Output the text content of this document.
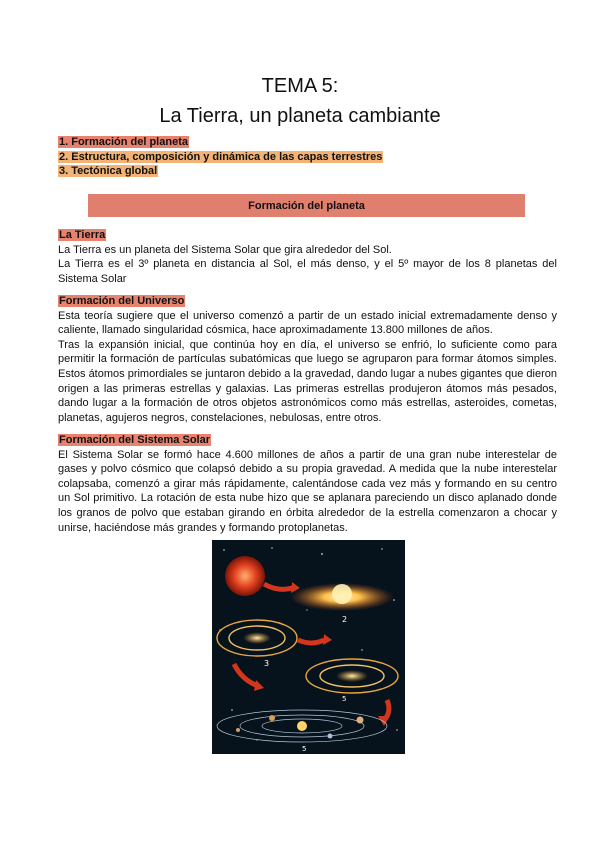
TEMA 5:
La Tierra, un planeta cambiante
1. Formación del planeta
2. Estructura, composición y dinámica de las capas terrestres
3. Tectónica global
Formación del planeta
La Tierra

La Tierra es un planeta del Sistema Solar que gira alrededor del Sol.

La Tierra es el 3º planeta en distancia al Sol, el más denso, y el 5º mayor de los 8 planetas del Sistema Solar

Formación del Universo

Esta teoría sugiere que el universo comenzó a partir de un estado inicial extremadamente denso y caliente, llamado singularidad cósmica, hace aproximadamente 13.800 millones de años.

Tras la expansión inicial, que continúa hoy en día, el universo se enfrió, lo suficiente como para permitir la formación de partículas subatómicas que luego se agruparon para formar átomos simples. Estos átomos primordiales se juntaron debido a la gravedad, dando lugar a nubes gigantes que dieron origen a las primeras estrellas y galaxias. Las primeras estrellas produjeron átomos más pesados, dando lugar a la formación de otros objetos astronómicos como más estrellas, asteroides, cometas, planetas, agujeros negros, constelaciones, nebulosas, entre otros.

Formación del Sistema Solar

El Sistema Solar se formó hace 4.600 millones de años a partir de una gran nube interestelar de gases y polvo cósmico que colapsó debido a su propia gravedad. A medida que la nube interestelar colapsaba, comenzó a girar más rápidamente, calentándose cada vez más y formando en su centro un Sol primitivo. La rotación de esta nube hizo que se aplanara pareciendo un disco aplanado donde los granos de polvo que estaban girando en órbita alrededor de la estrella comenzaron a chocar y unirse, haciéndose más grandes y formando protoplanetas.

2
3
5
5
